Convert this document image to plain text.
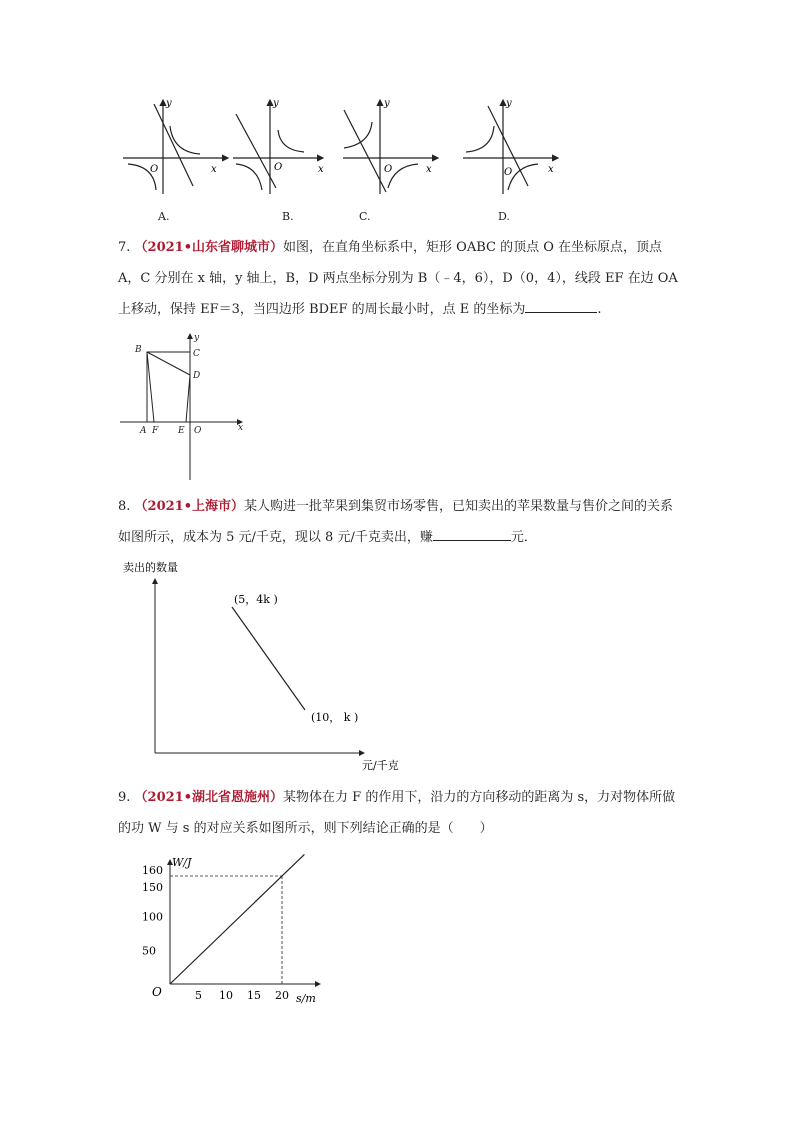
y
x
O
y
x
O
y
x
O
y
x
O
A.	B.	C.	D.
7. （2021•山东省聊城市）如图，在直角坐标系中，矩形 OABC 的顶点 O 在坐标原点，顶点 A，C 分别在 x 轴，y 轴上，B，D 两点坐标分别为 B（﹣4，6），D（0，4），线段 EF 在边 OA 上移动，保持 EF＝3，当四边形 BDEF 的周长最小时，点 E 的坐标为	.
B	C
D
A F E O	x
y
8. （2021•上海市）某人购进一批苹果到集贸市场零售，已知卖出的苹果数量与售价之间的关系如图所示，成本为 5 元/千克，现以 8 元/千克卖出，赚	元．
卖出的数量
(5，4k )
(10， k )
元/千克
9. （2021•湖北省恩施州）某物体在力 F 的作用下，沿力的方向移动的距离为 s，力对物体所做的功 W 与 s 的对应关系如图所示，则下列结论正确的是（　　）
50
100
150
160
5 10 15 20
O
W/J
s/m
